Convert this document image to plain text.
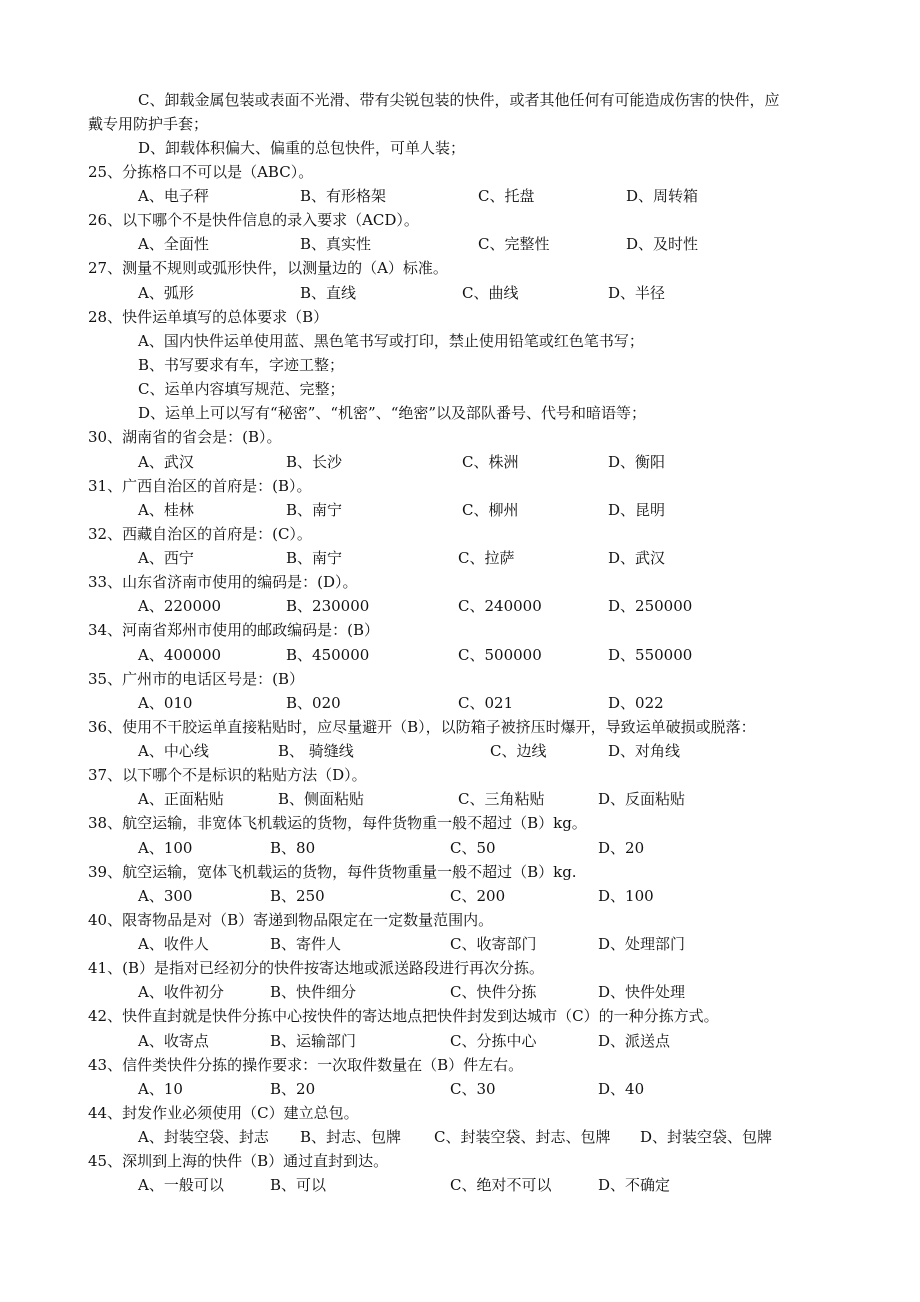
C、卸载金属包装或表面不光滑、带有尖锐包装的快件，或者其他任何有可能造成伤害的快件，应
戴专用防护手套；
D、卸载体积偏大、偏重的总包快件，可单人装；
25、分拣格口不可以是（ABC）。
A、电子秤	B、有形格架	C、托盘	D、周转箱
26、以下哪个不是快件信息的录入要求（ACD）。
A、全面性	B、真实性	C、完整性	D、及时性
27、测量不规则或弧形快件，以测量边的（A）标准。
A、弧形	B、直线	C、曲线	D、半径
28、快件运单填写的总体要求（B）
A、国内快件运单使用蓝、黑色笔书写或打印，禁止使用铅笔或红色笔书写；
B、书写要求有车，字迹工整；
C、运单内容填写规范、完整；
D、运单上可以写有“秘密”、“机密”、“绝密”以及部队番号、代号和暗语等；
30、湖南省的省会是：(B）。
A、武汉	B、长沙	C、株洲	D、衡阳
31、广西自治区的首府是：(B）。
A、桂林	B、南宁	C、柳州	D、昆明
32、西藏自治区的首府是：(C）。
A、西宁	B、南宁	C、拉萨	D、武汉
33、山东省济南市使用的编码是：(D）。
A、220000	B、230000	C、240000	D、250000
34、河南省郑州市使用的邮政编码是：(B）
A、400000	B、450000	C、500000	D、550000
35、广州市的电话区号是：(B）
A、010	B、020	C、021	D、022
36、使用不干胶运单直接粘贴时，应尽量避开（B），以防箱子被挤压时爆开，导致运单破损或脱落：
A、中心线	B、 骑缝线	C、边线	D、对角线
37、以下哪个不是标识的粘贴方法（D）。
A、正面粘贴	B、侧面粘贴	C、三角粘贴	D、反面粘贴
38、航空运输，非宽体飞机载运的货物，每件货物重一般不超过（B）kg。
A、100	B、80	C、50	D、20
39、航空运输，宽体飞机载运的货物，每件货物重量一般不超过（B）kg.
A、300	B、250	C、200	D、100
40、限寄物品是对（B）寄递到物品限定在一定数量范围内。
A、收件人	B、寄件人	C、收寄部门	D、处理部门
41、(B）是指对已经初分的快件按寄达地或派送路段进行再次分拣。
A、收件初分	B、快件细分	C、快件分拣	D、快件处理
42、快件直封就是快件分拣中心按快件的寄达地点把快件封发到达城市（C）的一种分拣方式。
A、收寄点	B、运输部门	C、分拣中心	D、派送点
43、信件类快件分拣的操作要求：一次取件数量在（B）件左右。
A、10	B、20	C、30	D、40
44、封发作业必须使用（C）建立总包。
A、封装空袋、封志 B、封志、包牌 C、封装空袋、封志、包牌 D、封装空袋、包牌
45、深圳到上海的快件（B）通过直封到达。
A、一般可以	B、可以	C、绝对不可以	D、不确定
